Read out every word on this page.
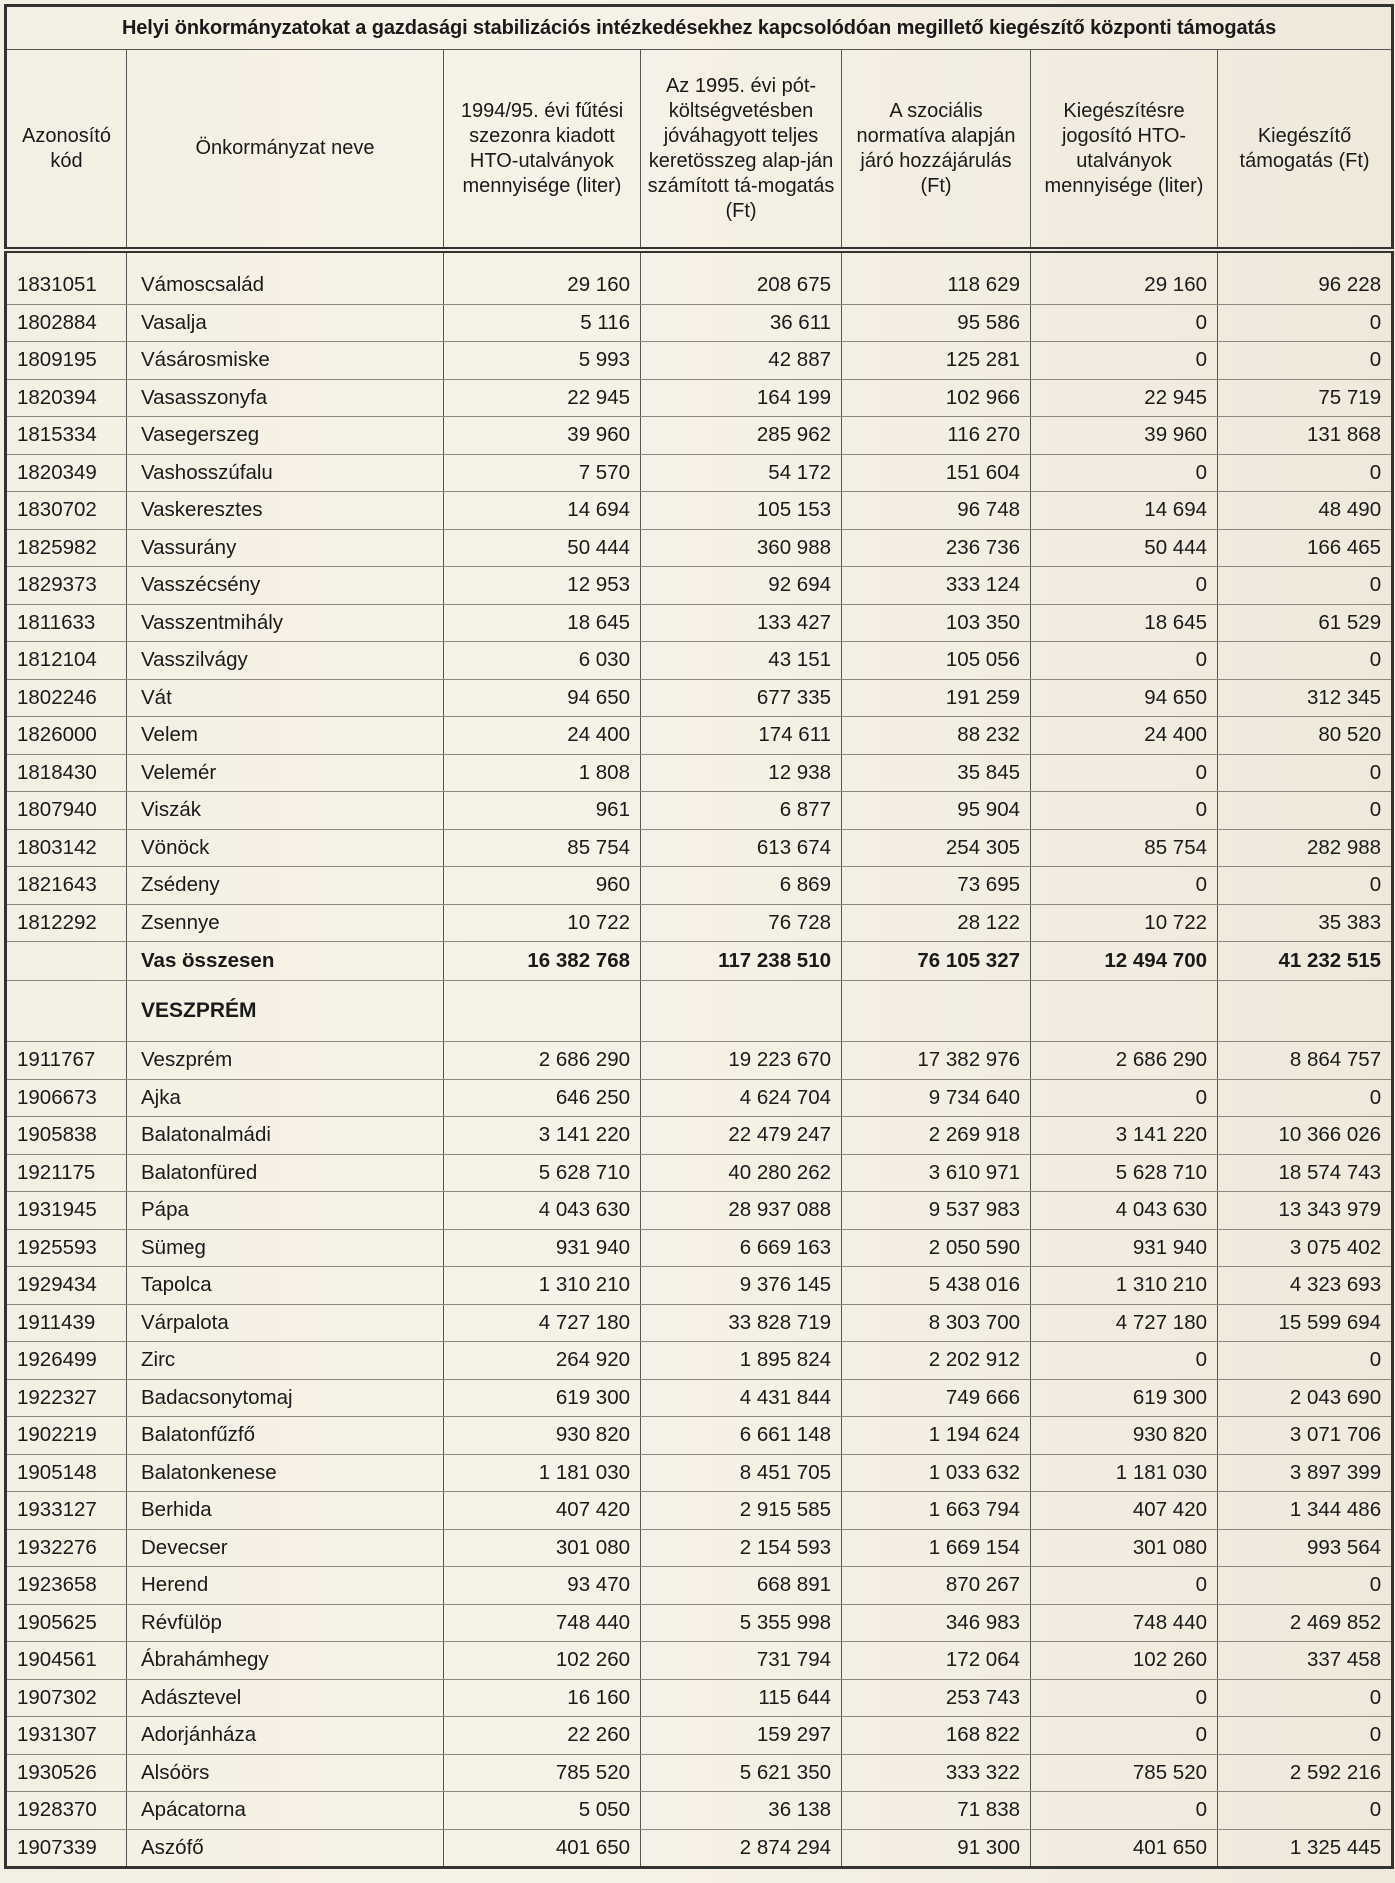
Helyi önkormányzatokat a gazdasági stabilizációs intézkedésekhez kapcsolódóan megillető kiegészítő központi támogatás						
Azonosító kód	Önkormányzat neve	1994/95. évi fűtési szezonra kiadott HTO-utalványok mennyisége (liter)	Az 1995. évi pót-költségvetésben jóváhagyott teljes keretösszeg alap-ján számított tá-mogatás (Ft)	A szociális normatíva alapján járó hozzájárulás (Ft)	Kiegészítésre jogosító HTO-utalványok mennyisége (liter)	Kiegészítő támogatás (Ft)

1831051	Vámoscsalád	29 160	208 675	118 629	29 160	96 228
1802884	Vasalja	5 116	36 611	95 586	0	0
1809195	Vásárosmiske	5 993	42 887	125 281	0	0
1820394	Vasasszonyfa	22 945	164 199	102 966	22 945	75 719
1815334	Vasegerszeg	39 960	285 962	116 270	39 960	131 868
1820349	Vashosszúfalu	7 570	54 172	151 604	0	0
1830702	Vaskeresztes	14 694	105 153	96 748	14 694	48 490
1825982	Vassurány	50 444	360 988	236 736	50 444	166 465
1829373	Vasszécsény	12 953	92 694	333 124	0	0
1811633	Vasszentmihály	18 645	133 427	103 350	18 645	61 529
1812104	Vasszilvágy	6 030	43 151	105 056	0	0
1802246	Vát	94 650	677 335	191 259	94 650	312 345
1826000	Velem	24 400	174 611	88 232	24 400	80 520
1818430	Velemér	1 808	12 938	35 845	0	0
1807940	Viszák	961	6 877	95 904	0	0
1803142	Vönöck	85 754	613 674	254 305	85 754	282 988
1821643	Zsédeny	960	6 869	73 695	0	0
1812292	Zsennye	10 722	76 728	28 122	10 722	35 383
	Vas összesen	16 382 768	117 238 510	76 105 327	12 494 700	41 232 515
	VESZPRÉM					
1911767	Veszprém	2 686 290	19 223 670	17 382 976	2 686 290	8 864 757
1906673	Ajka	646 250	4 624 704	9 734 640	0	0
1905838	Balatonalmádi	3 141 220	22 479 247	2 269 918	3 141 220	10 366 026
1921175	Balatonfüred	5 628 710	40 280 262	3 610 971	5 628 710	18 574 743
1931945	Pápa	4 043 630	28 937 088	9 537 983	4 043 630	13 343 979
1925593	Sümeg	931 940	6 669 163	2 050 590	931 940	3 075 402
1929434	Tapolca	1 310 210	9 376 145	5 438 016	1 310 210	4 323 693
1911439	Várpalota	4 727 180	33 828 719	8 303 700	4 727 180	15 599 694
1926499	Zirc	264 920	1 895 824	2 202 912	0	0
1922327	Badacsonytomaj	619 300	4 431 844	749 666	619 300	2 043 690
1902219	Balatonfűzfő	930 820	6 661 148	1 194 624	930 820	3 071 706
1905148	Balatonkenese	1 181 030	8 451 705	1 033 632	1 181 030	3 897 399
1933127	Berhida	407 420	2 915 585	1 663 794	407 420	1 344 486
1932276	Devecser	301 080	2 154 593	1 669 154	301 080	993 564
1923658	Herend	93 470	668 891	870 267	0	0
1905625	Révfülöp	748 440	5 355 998	346 983	748 440	2 469 852
1904561	Ábrahámhegy	102 260	731 794	172 064	102 260	337 458
1907302	Adásztevel	16 160	115 644	253 743	0	0
1931307	Adorjánháza	22 260	159 297	168 822	0	0
1930526	Alsóörs	785 520	5 621 350	333 322	785 520	2 592 216
1928370	Apácatorna	5 050	36 138	71 838	0	0
1907339	Aszófő	401 650	2 874 294	91 300	401 650	1 325 445
